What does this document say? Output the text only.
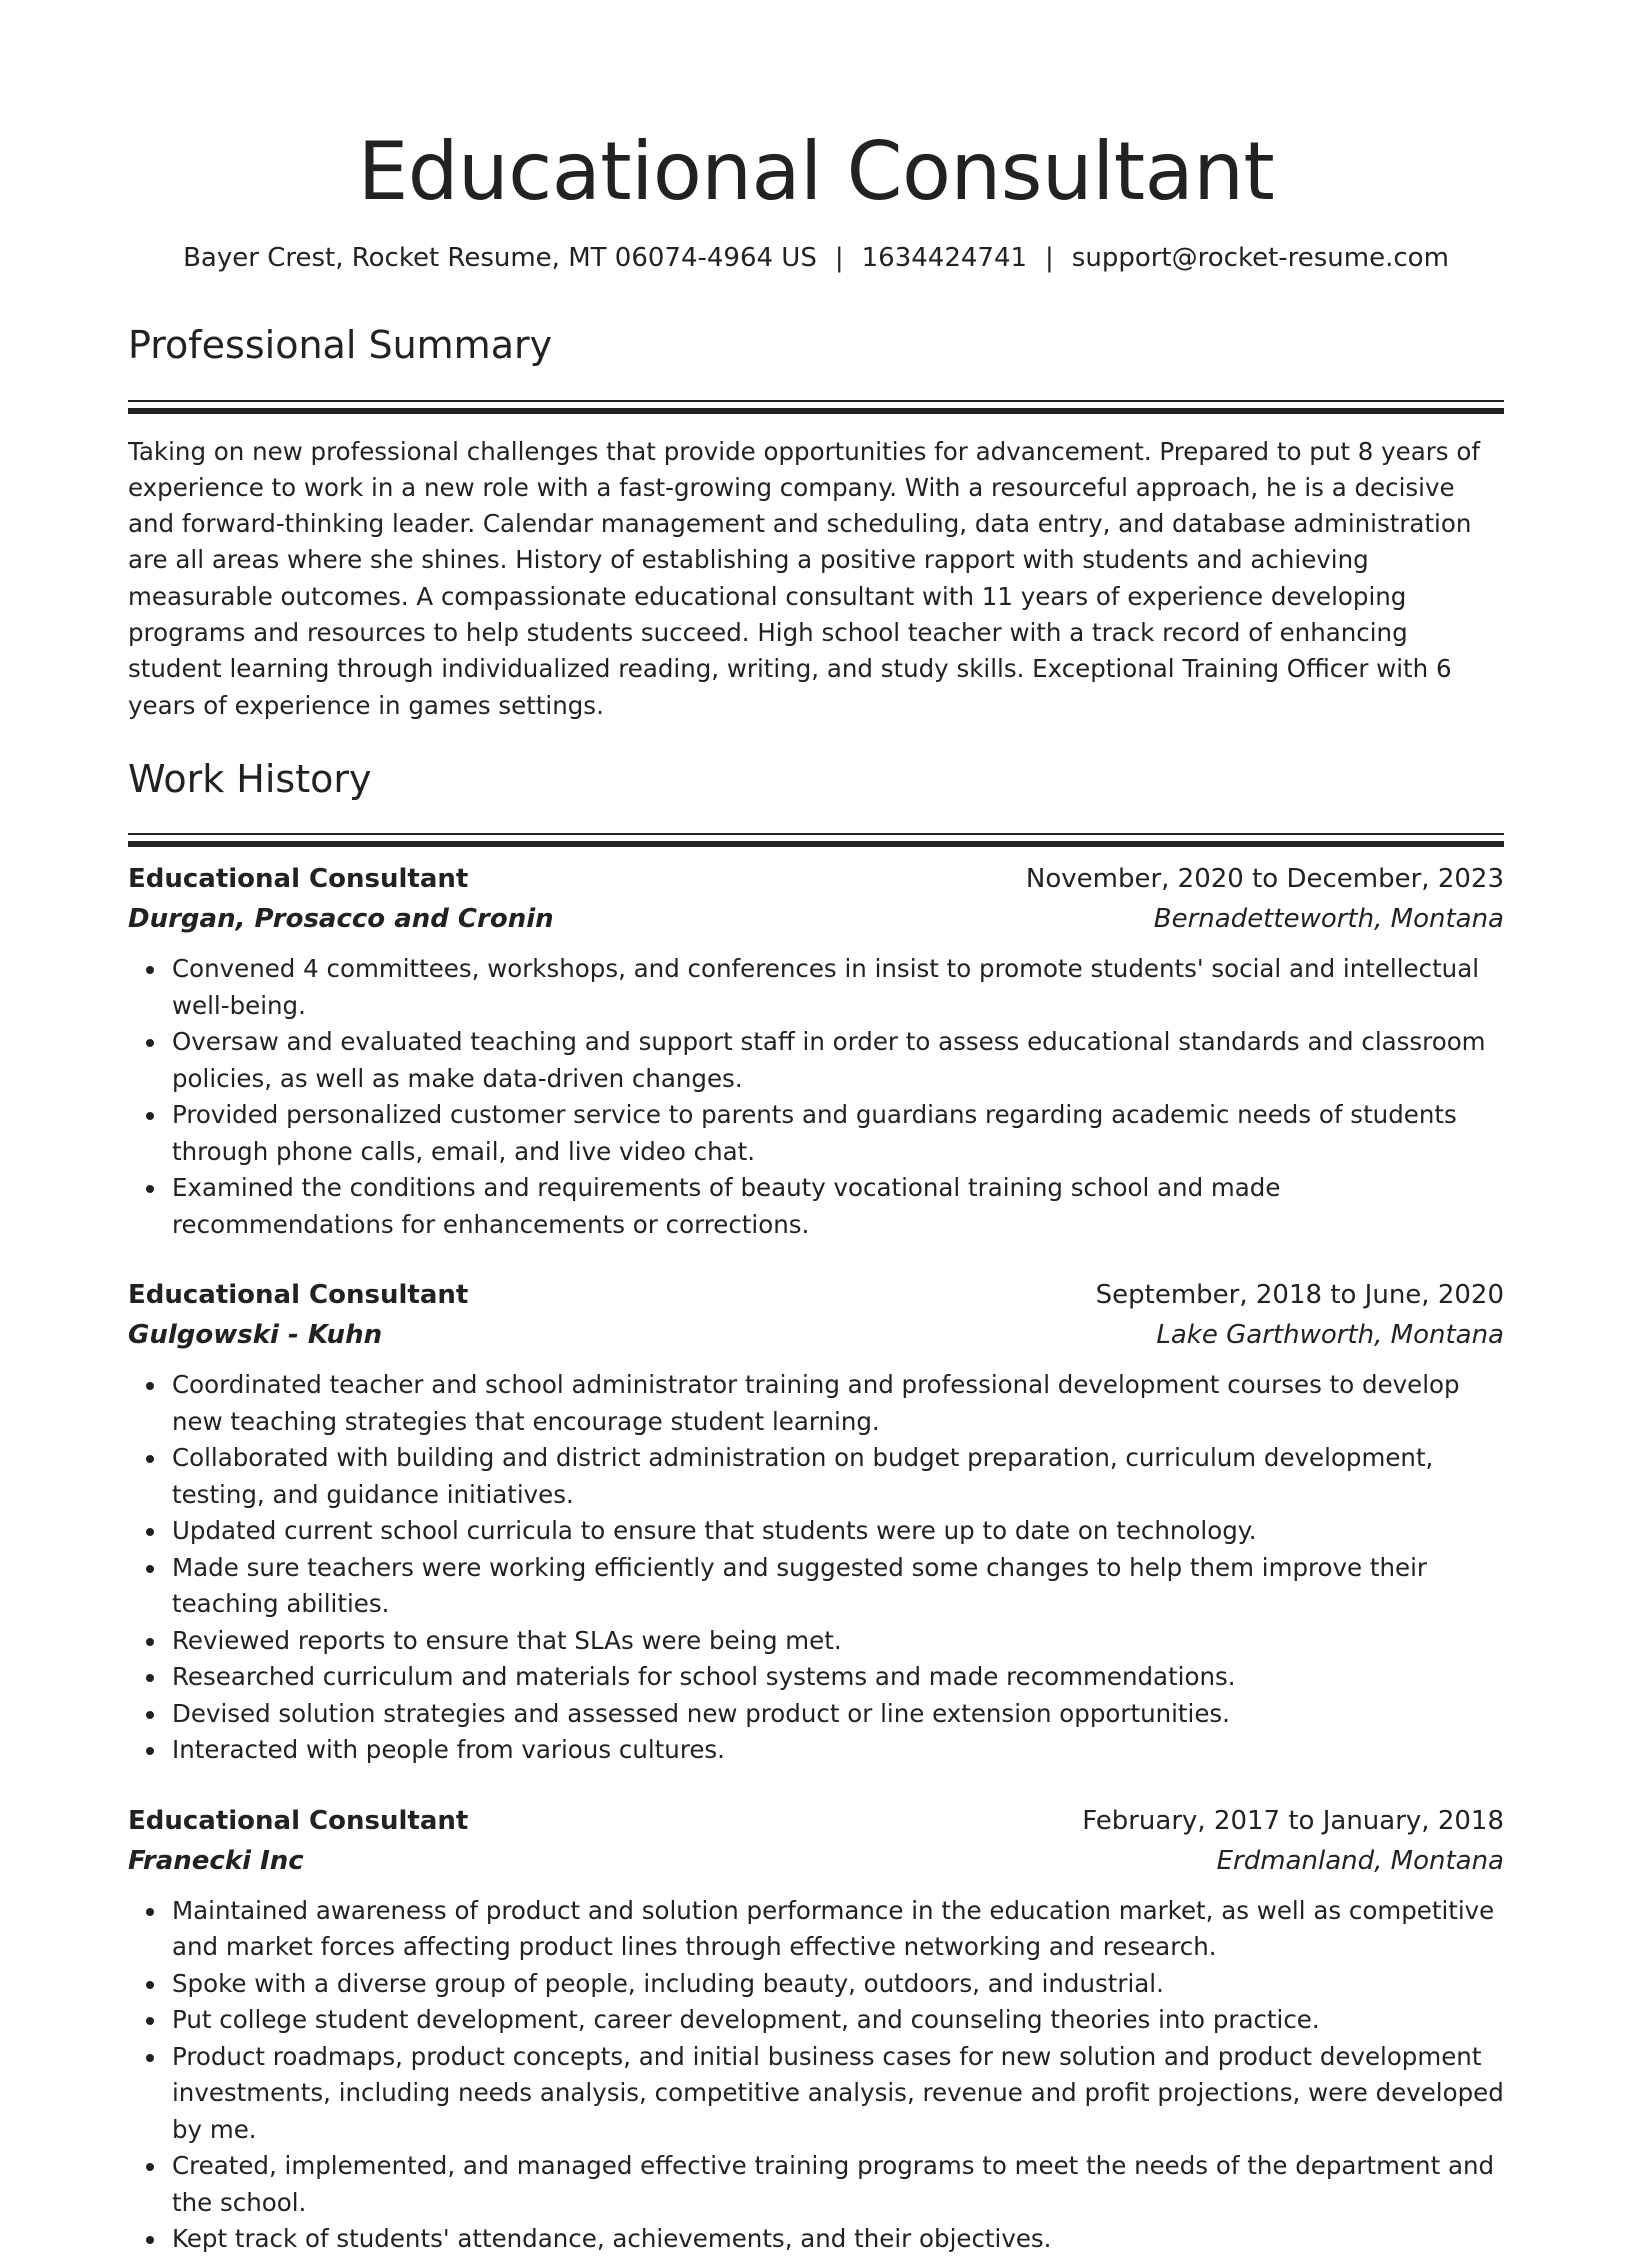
Educational Consultant
Bayer Crest, Rocket Resume, MT 06074-4964 US | 1634424741 | support@rocket-resume.com
Professional Summary

Taking on new professional challenges that provide opportunities for advancement. Prepared to put 8 years of experience to work in a new role with a fast-growing company. With a resourceful approach, he is a decisive and forward-thinking leader. Calendar management and scheduling, data entry, and database administration are all areas where she shines. History of establishing a positive rapport with students and achieving measurable outcomes. A compassionate educational consultant with 11 years of experience developing programs and resources to help students succeed. High school teacher with a track record of enhancing student learning through individualized reading, writing, and study skills. Exceptional Training Officer with 6 years of experience in games settings.

Work History
Educational Consultant	November, 2020 to December, 2023
Durgan, Prosacco and Cronin	Bernadetteworth, Montana
Convened 4 committees, workshops, and conferences in insist to promote students' social and intellectual well-being.
Oversaw and evaluated teaching and support staff in order to assess educational standards and classroom policies, as well as make data-driven changes.
Provided personalized customer service to parents and guardians regarding academic needs of students through phone calls, email, and live video chat.
Examined the conditions and requirements of beauty vocational training school and made recommendations for enhancements or corrections.
Educational Consultant	September, 2018 to June, 2020
Gulgowski - Kuhn	Lake Garthworth, Montana
Coordinated teacher and school administrator training and professional development courses to develop new teaching strategies that encourage student learning.
Collaborated with building and district administration on budget preparation, curriculum development, testing, and guidance initiatives.
Updated current school curricula to ensure that students were up to date on technology.
Made sure teachers were working efficiently and suggested some changes to help them improve their teaching abilities.
Reviewed reports to ensure that SLAs were being met.
Researched curriculum and materials for school systems and made recommendations.
Devised solution strategies and assessed new product or line extension opportunities.
Interacted with people from various cultures.
Educational Consultant	February, 2017 to January, 2018
Franecki Inc	Erdmanland, Montana
Maintained awareness of product and solution performance in the education market, as well as competitive and market forces affecting product lines through effective networking and research.
Spoke with a diverse group of people, including beauty, outdoors, and industrial.
Put college student development, career development, and counseling theories into practice.
Product roadmaps, product concepts, and initial business cases for new solution and product development investments, including needs analysis, competitive analysis, revenue and profit projections, were developed by me.
Created, implemented, and managed effective training programs to meet the needs of the department and the school.
Kept track of students' attendance, achievements, and their objectives.
